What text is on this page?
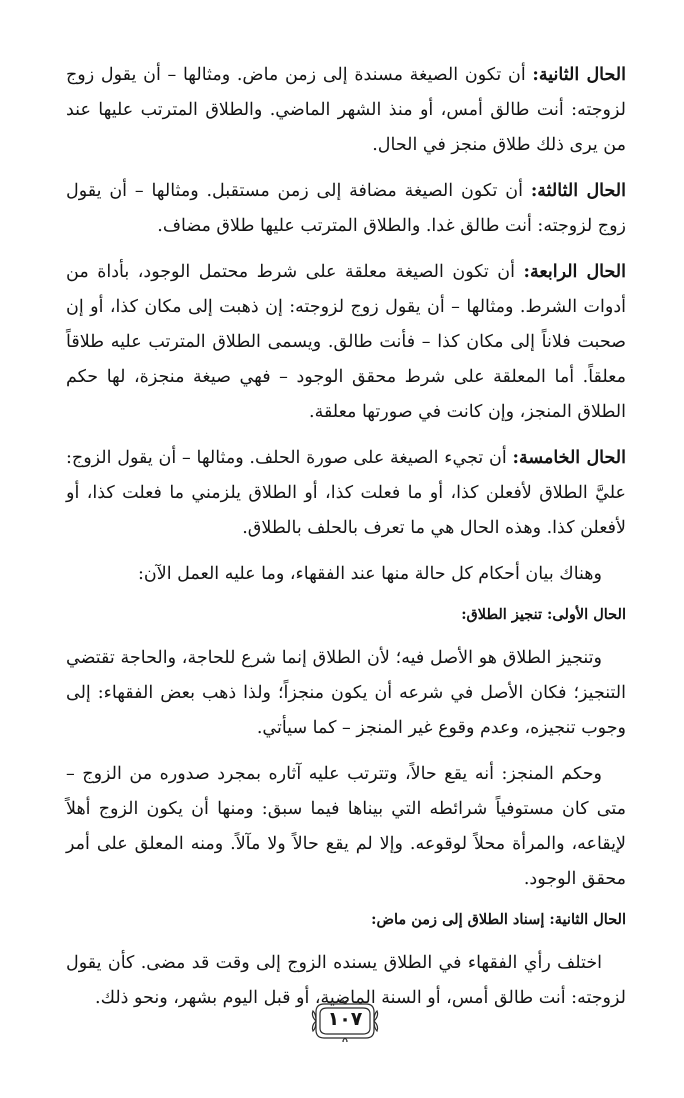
الحال الثانية: أن تكون الصيغة مسندة إلى زمن ماض. ومثالها – أن يقول زوج لزوجته: أنت طالق أمس، أو منذ الشهر الماضي. والطلاق المترتب عليها عند من يرى ذلك طلاق منجز في الحال.

الحال الثالثة: أن تكون الصيغة مضافة إلى زمن مستقبل. ومثالها – أن يقول زوج لزوجته: أنت طالق غدا. والطلاق المترتب عليها طلاق مضاف.

الحال الرابعة: أن تكون الصيغة معلقة على شرط محتمل الوجود، بأداة من أدوات الشرط. ومثالها – أن يقول زوج لزوجته: إن ذهبت إلى مكان كذا، أو إن صحبت فلاناً إلى مكان كذا – فأنت طالق. ويسمى الطلاق المترتب عليه طلاقاً معلقاً. أما المعلقة على شرط محقق الوجود – فهي صيغة منجزة، لها حكم الطلاق المنجز، وإن كانت في صورتها معلقة.

الحال الخامسة: أن تجيء الصيغة على صورة الحلف. ومثالها – أن يقول الزوج: عليَّ الطلاق لأفعلن كذا، أو ما فعلت كذا، أو الطلاق يلزمني ما فعلت كذا، أو لأفعلن كذا. وهذه الحال هي ما تعرف بالحلف بالطلاق.

وهناك بيان أحكام كل حالة منها عند الفقهاء، وما عليه العمل الآن:

الحال الأولى: تنجيز الطلاق:

وتنجيز الطلاق هو الأصل فيه؛ لأن الطلاق إنما شرع للحاجة، والحاجة تقتضي التنجيز؛ فكان الأصل في شرعه أن يكون منجزاً؛ ولذا ذهب بعض الفقهاء: إلى وجوب تنجيزه، وعدم وقوع غير المنجز – كما سيأتي.

وحكم المنجز: أنه يقع حالاً، وتترتب عليه آثاره بمجرد صدوره من الزوج – متى كان مستوفياً شرائطه التي بيناها فيما سبق: ومنها أن يكون الزوج أهلاً لإيقاعه، والمرأة محلاً لوقوعه. وإلا لم يقع حالاً ولا مآلاً. ومنه المعلق على أمر محقق الوجود.

الحال الثانية: إسناد الطلاق إلى زمن ماض:

اختلف رأي الفقهاء في الطلاق يسنده الزوج إلى وقت قد مضى. كأن يقول لزوجته: أنت طالق أمس، أو السنة الماضية، أو قبل اليوم بشهر، ونحو ذلك.

١٠٧
